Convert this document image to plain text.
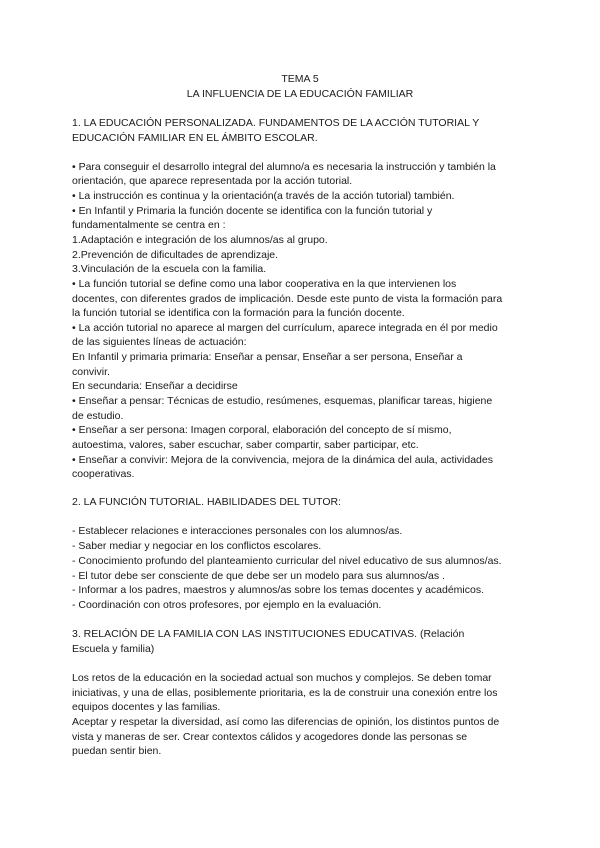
TEMA 5
LA INFLUENCIA DE LA EDUCACIÓN FAMILIAR
1. LA EDUCACIÓN PERSONALIZADA. FUNDAMENTOS DE LA ACCIÓN TUTORIAL Y
EDUCACIÓN FAMILIAR EN EL ÁMBITO ESCOLAR.
• Para conseguir el desarrollo integral del alumno/a es necesaria la instrucción y también la
orientación, que aparece representada por la acción tutorial.
• La instrucción es continua y la orientación(a través de la acción tutorial) también.
• En Infantil y Primaria la función docente se identifica con la función tutorial y
fundamentalmente se centra en :
1.Adaptación e integración de los alumnos/as al grupo.
2.Prevención de dificultades de aprendizaje.
3.Vinculación de la escuela con la familia.
• La función tutorial se define como una labor cooperativa en la que intervienen los
docentes, con diferentes grados de implicación. Desde este punto de vista la formación para
la función tutorial se identifica con la formación para la función docente.
• La acción tutorial no aparece al margen del currículum, aparece integrada en él por medio
de las siguientes líneas de actuación:
En Infantil y primaria primaria: Enseñar a pensar, Enseñar a ser persona, Enseñar a
convivir.
En secundaria: Enseñar a decidirse
• Enseñar a pensar: Técnicas de estudio, resúmenes, esquemas, planificar tareas, higiene
de estudio.
• Enseñar a ser persona: Imagen corporal, elaboración del concepto de sí mismo,
autoestima, valores, saber escuchar, saber compartir, saber participar, etc.
• Enseñar a convivir: Mejora de la convivencia, mejora de la dinámica del aula, actividades
cooperativas.
2. LA FUNCIÓN TUTORIAL. HABILIDADES DEL TUTOR:
- Establecer relaciones e interacciones personales con los alumnos/as.
- Saber mediar y negociar en los conflictos escolares.
- Conocimiento profundo del planteamiento curricular del nivel educativo de sus alumnos/as.
- El tutor debe ser consciente de que debe ser un modelo para sus alumnos/as .
- Informar a los padres, maestros y alumnos/as sobre los temas docentes y académicos.
- Coordinación con otros profesores, por ejemplo en la evaluación.
3. RELACIÓN DE LA FAMILIA CON LAS INSTITUCIONES EDUCATIVAS. (Relación
Escuela y familia)
Los retos de la educación en la sociedad actual son muchos y complejos. Se deben tomar
iniciativas, y una de ellas, posiblemente prioritaria, es la de construir una conexión entre los
equipos docentes y las familias.
Aceptar y respetar la diversidad, así como las diferencias de opinión, los distintos puntos de
vista y maneras de ser. Crear contextos cálidos y acogedores donde las personas se
puedan sentir bien.
